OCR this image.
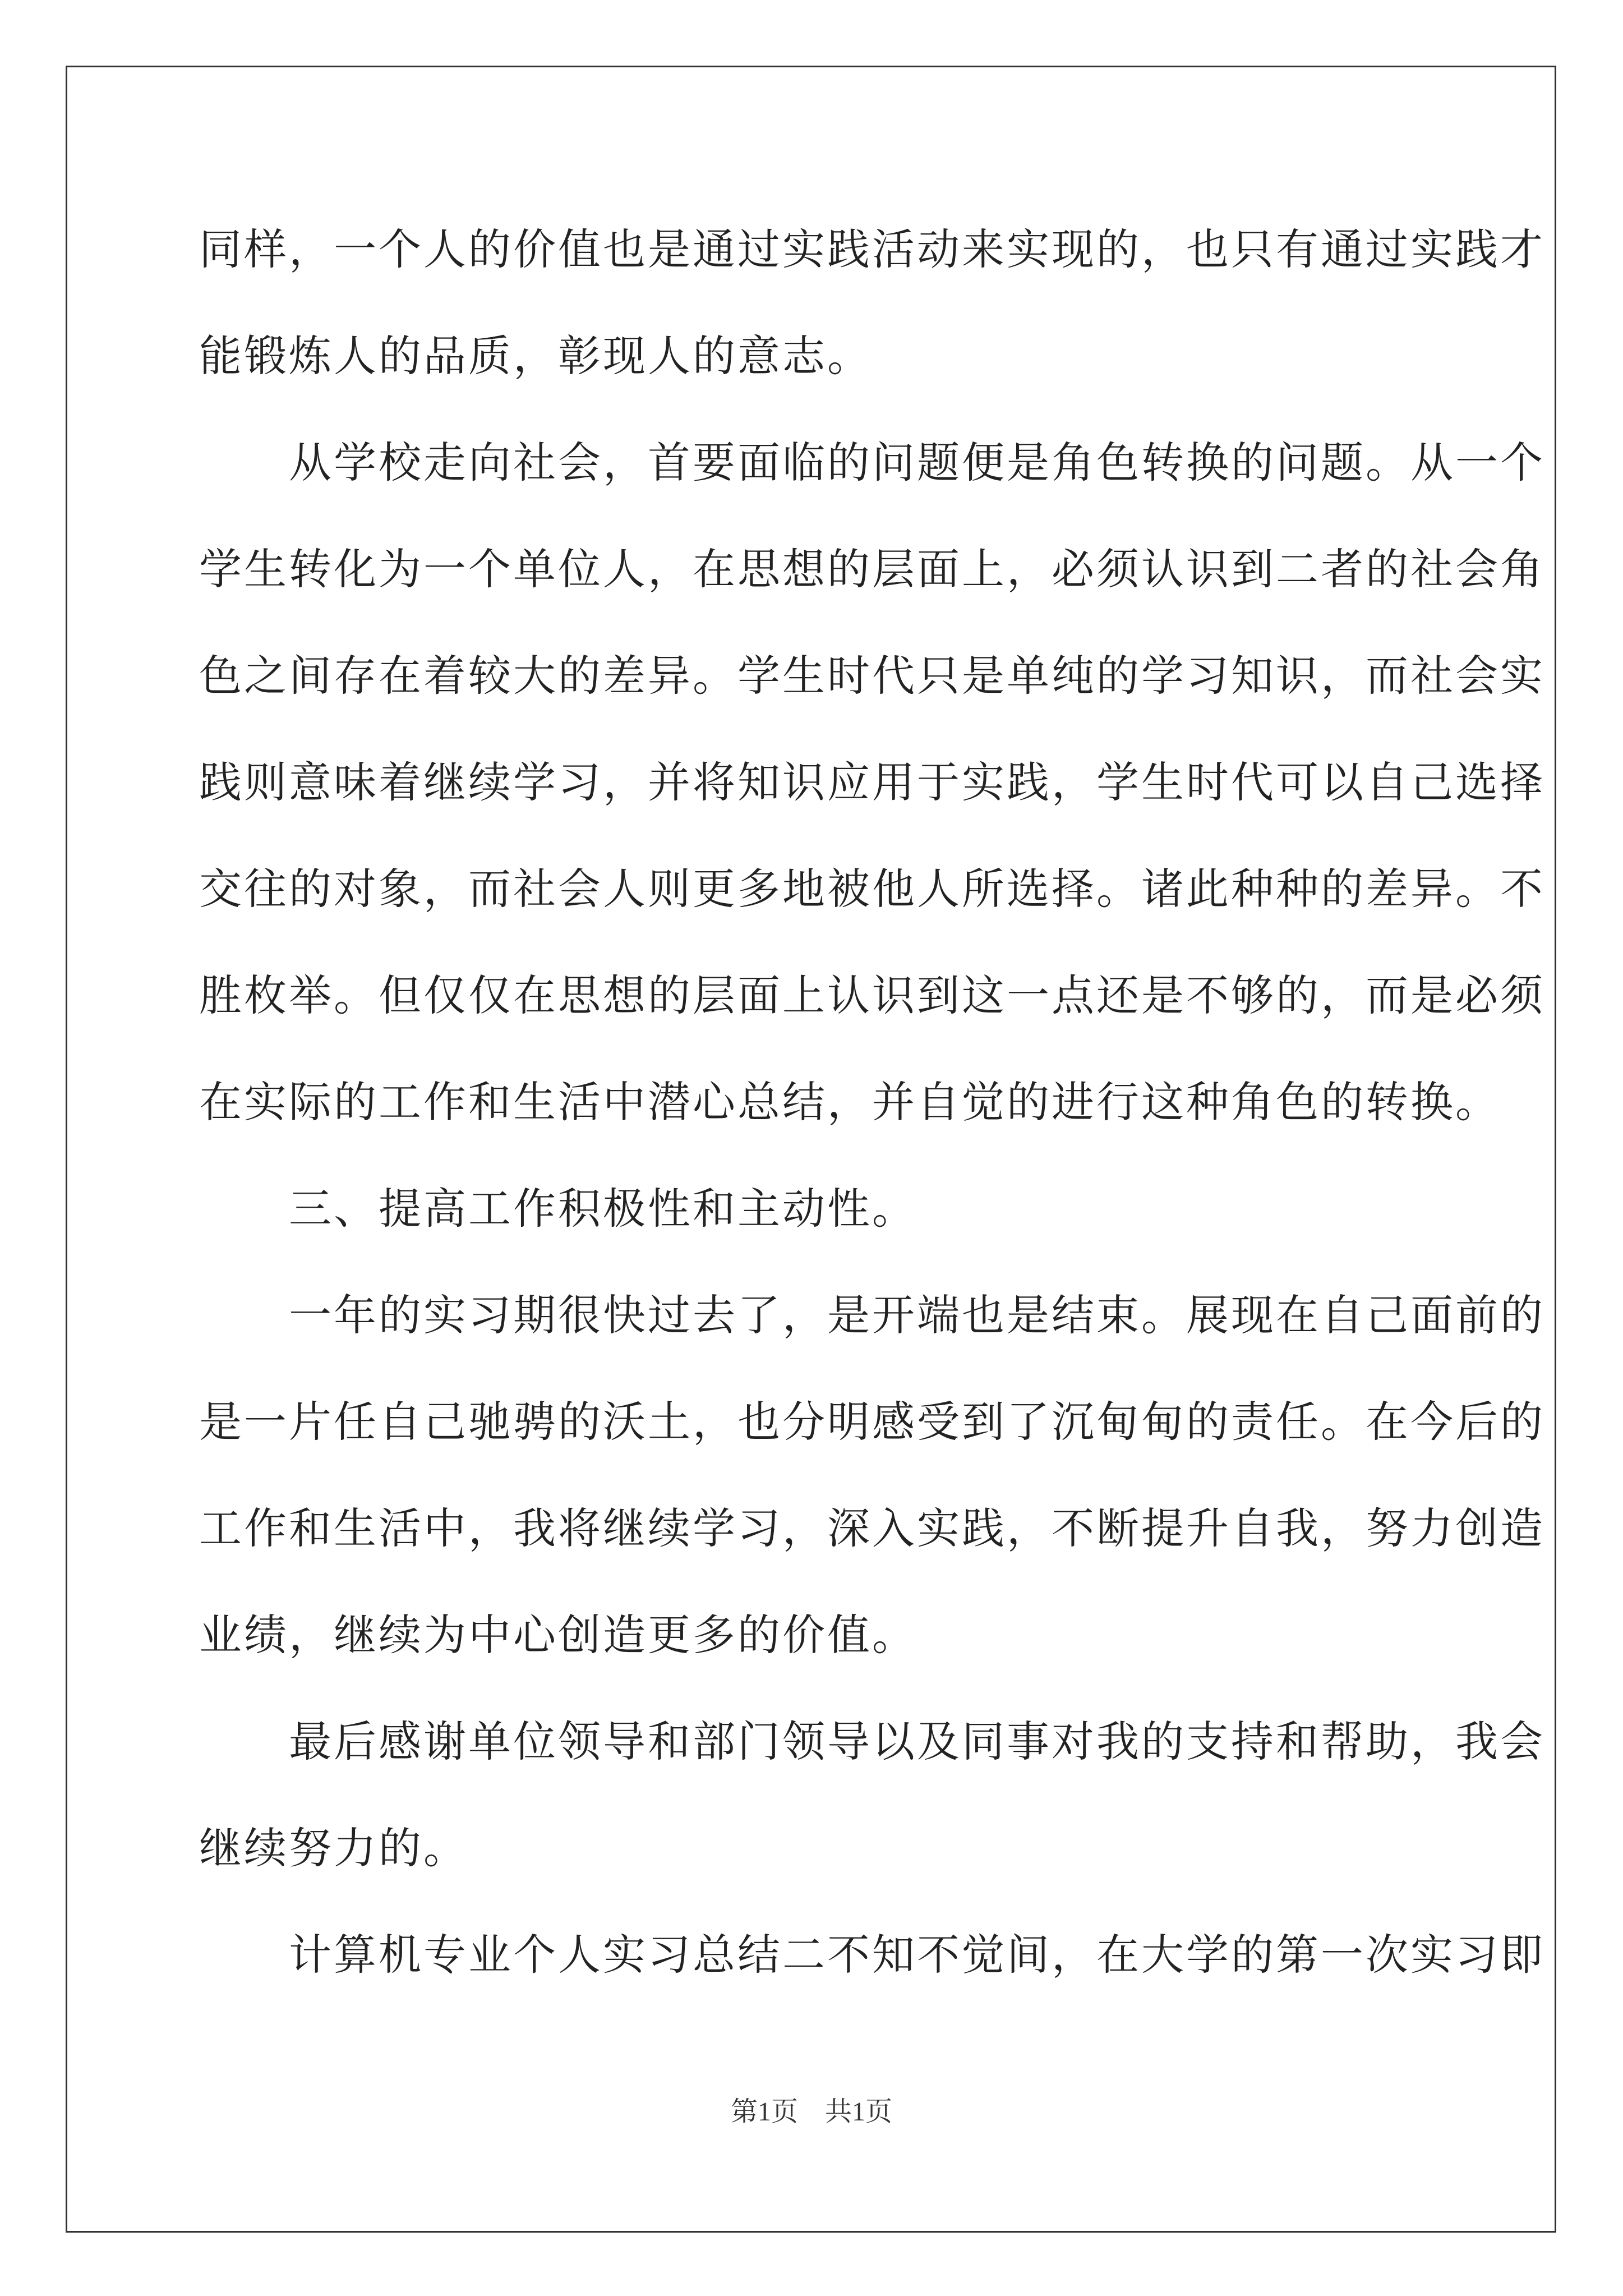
同样，一个人的价值也是通过实践活动来实现的，也只有通过实践才
能锻炼人的品质，彰现人的意志。
　　从学校走向社会，首要面临的问题便是角色转换的问题。从一个
学生转化为一个单位人，在思想的层面上，必须认识到二者的社会角
色之间存在着较大的差异。学生时代只是单纯的学习知识，而社会实
践则意味着继续学习，并将知识应用于实践，学生时代可以自己选择
交往的对象，而社会人则更多地被他人所选择。诸此种种的差异。不
胜枚举。但仅仅在思想的层面上认识到这一点还是不够的，而是必须
在实际的工作和生活中潜心总结，并自觉的进行这种角色的转换。
　　三、提高工作积极性和主动性。
　　一年的实习期很快过去了，是开端也是结束。展现在自己面前的
是一片任自己驰骋的沃土，也分明感受到了沉甸甸的责任。在今后的
工作和生活中，我将继续学习，深入实践，不断提升自我，努力创造
业绩，继续为中心创造更多的价值。
　　最后感谢单位领导和部门领导以及同事对我的支持和帮助，我会
继续努力的。
　　计算机专业个人实习总结二不知不觉间，在大学的第一次实习即
第1页　共1页
